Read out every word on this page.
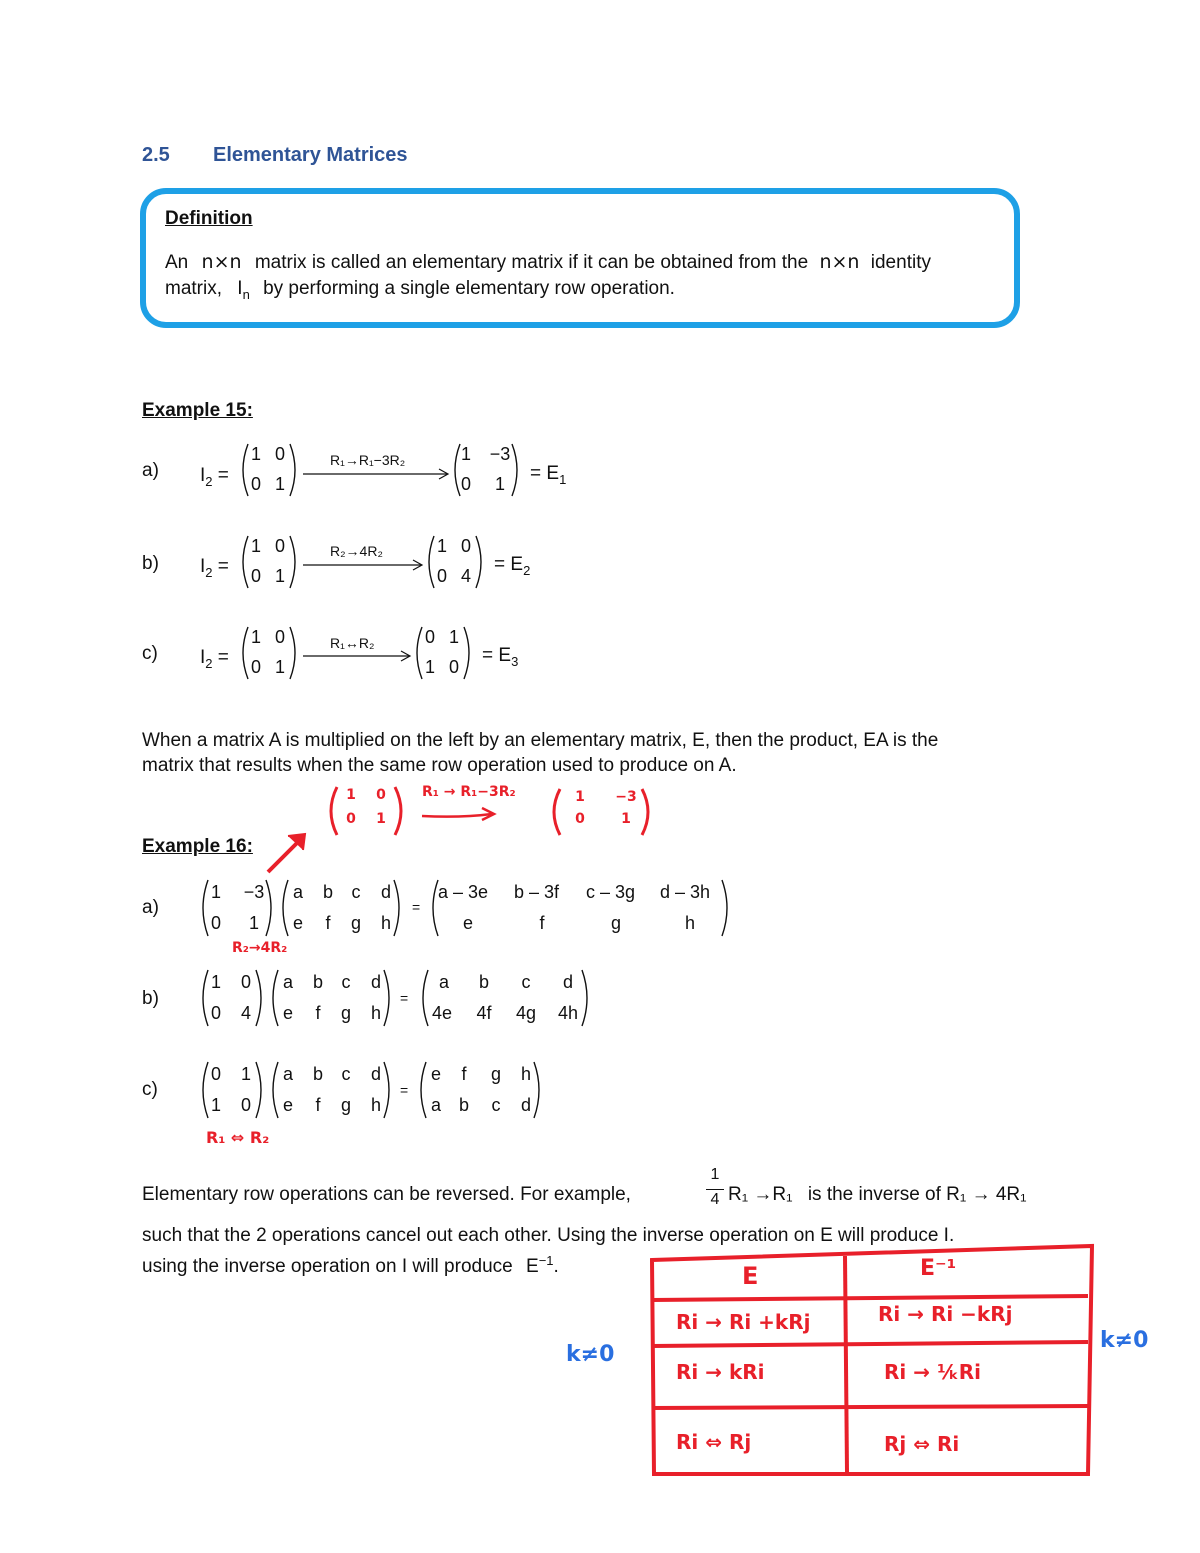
2.5 Elementary Matrices
Definition
An n×n matrix is called an elementary matrix if it can be obtained from the n×n identity
matrix, $I_n$ by performing a single elementary row operation.
Example 15:
a) $I_2$ =
1 0
0 1
R₁→R₁−3R₂	1	−3
0	1	= $E_1$
b) $I_2$ =
1 0
0 1
R₂→4R₂	1 0
0 4
= $E_2$
c) $I_2$ =
1 0
0 1
R₁↔R₂	0 1
1 0
= $E_3$
When a matrix A is multiplied on the left by an elementary matrix, E, then the product, EA is the
matrix that results when the same row operation used to produce on A.
1	0
0	1
R₁ → R₁−3R₂	1	−3
0	1
Example 16:
a)
1	−3
0	1
a	b	c	d
e	f	g	h
=
a – 3e	b – 3f	c – 3g	d – 3h
e	f	g	h
R₂→4R₂
b)
1	0
0	4
a	b	c	d
e	f	g	h
=
a	b	c	d
4e	4f	4g	4h
c)
0	1
1	0
a	b	c	d
e	f	g	h
=
e	f	g	h
a b	c	d
R₁ ⇔ R₂
Elementary row operations can be reversed. For example,
1
4 R₁ →R₁ is the inverse of R₁ → 4R₁
such that the 2 operations cancel out each other. Using the inverse operation on E will produce I.
using the inverse operation on I will produce $E^{-1}$.	E	E⁻¹
Ri → Ri +kRj	Ri → Ri −kRj
Ri → kRi	Ri → ¹⁄ₖRi
Ri ⇔ Rj	Rj ⇔ Ri
k≠0
k≠0
